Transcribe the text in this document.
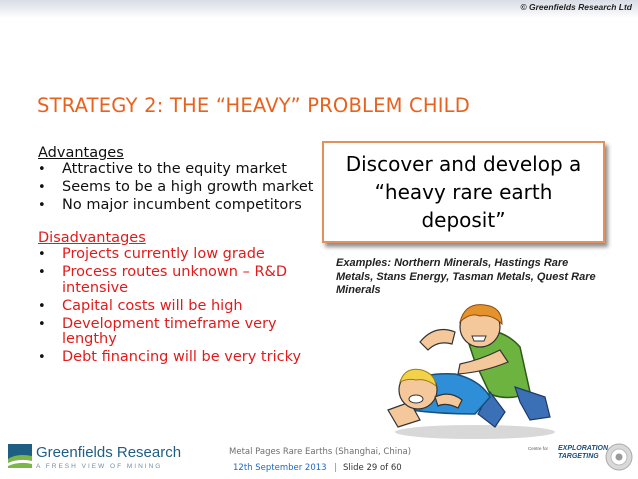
© Greenfields Research Ltd
STRATEGY 2: THE “HEAVY” PROBLEM CHILD
Advantages
• Attractive to the equity market
• Seems to be a high growth market
• No major incumbent competitors
Disadvantages
• Projects currently low grade
• Process routes unknown – R&D intensive
• Capital costs will be high
• Development timeframe very lengthy
• Debt financing will be very tricky
Discover and develop a “heavy rare earth deposit”
Examples: Northern Minerals, Hastings Rare Metals, Stans Energy, Tasman Metals, Quest Rare Minerals
Greenfields Research
A FRESH VIEW OF MINING
Metal Pages Rare Earths (Shanghai, China)
12th September 2013 | Slide 29 of 60
Centre for EXPLORATION TARGETING
